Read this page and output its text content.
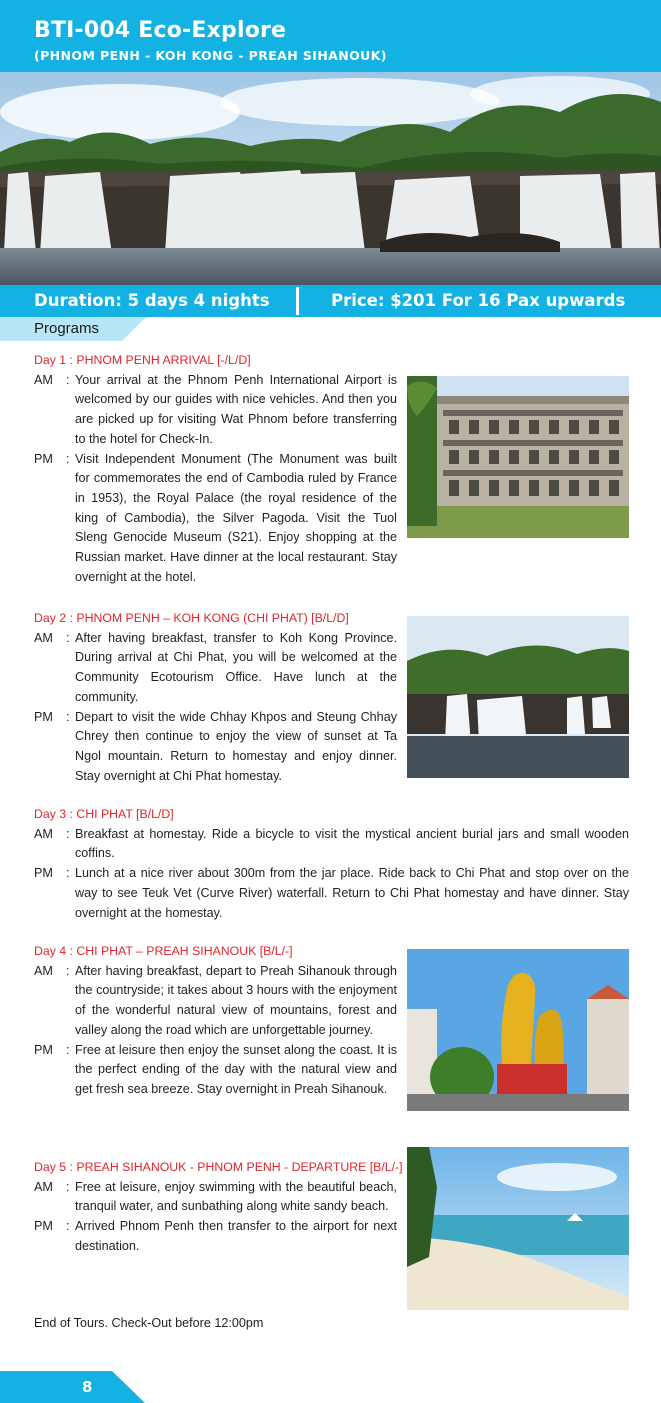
BTI-004 Eco-Explore
(PHNOM PENH - KOH KONG - PREAH SIHANOUK)
Duration: 5 days 4 nights	Price: $201 For 16 Pax upwards
Programs
Day 1 : PHNOM PENH ARRIVAL [-/L/D]
AM	: Your arrival at the Phnom Penh International Airport is welcomed by our guides with nice vehicles. And then you are picked up for visiting Wat Phnom before transferring to the hotel for Check-In.
PM	: Visit Independent Monument (The Monument was built for commemorates the end of Cambodia ruled by France in 1953), the Royal Palace (the royal residence of the king of Cambodia), the Silver Pagoda. Visit the Tuol Sleng Genocide Museum (S21). Enjoy shopping at the Russian market. Have dinner at the local restaurant. Stay overnight at the hotel.
Day 2 : PHNOM PENH – KOH KONG (CHI PHAT) [B/L/D]
AM	: After having breakfast, transfer to Koh Kong Province. During arrival at Chi Phat, you will be welcomed at the Community Ecotourism Office. Have lunch at the community.
PM	: Depart to visit the wide Chhay Khpos and Steung Chhay Chrey then continue to enjoy the view of sunset at Ta Ngol mountain. Return to homestay and enjoy dinner. Stay overnight at Chi Phat homestay.
Day 3 : CHI PHAT [B/L/D]
AM	: Breakfast at homestay. Ride a bicycle to visit the mystical ancient burial jars and small wooden coffins.
PM	: Lunch at a nice river about 300m from the jar place. Ride back to Chi Phat and stop over on the way to see Teuk Vet (Curve River) waterfall. Return to Chi Phat homestay and have dinner. Stay overnight at the homestay.
Day 4 : CHI PHAT – PREAH SIHANOUK [B/L/-]
AM	: After having breakfast, depart to Preah Sihanouk through the countryside; it takes about 3 hours with the enjoyment of the wonderful natural view of mountains, forest and valley along the road which are unforgettable journey.
PM	: Free at leisure then enjoy the sunset along the coast. It is the perfect ending of the day with the natural view and get fresh sea breeze. Stay overnight in Preah Sihanouk.
Day 5 : PREAH SIHANOUK - PHNOM PENH - DEPARTURE [B/L/-]
AM	: Free at leisure, enjoy swimming with the beautiful beach, tranquil water, and sunbathing along white sandy beach.
PM	: Arrived Phnom Penh then transfer to the airport for next destination.
End of Tours. Check-Out before 12:00pm
8
